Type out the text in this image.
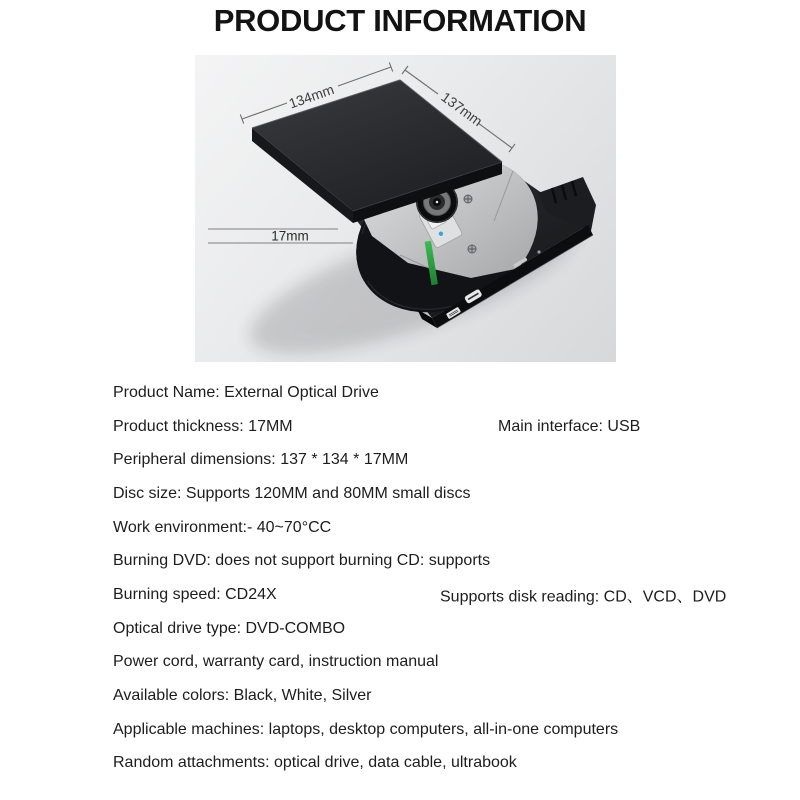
PRODUCT INFORMATION
134mm	137mm
17mm
Product Name: External Optical Drive
Product thickness: 17MM	Main interface: USB
Peripheral dimensions: 137 * 134 * 17MM
Disc size: Supports 120MM and 80MM small discs
Work environment:- 40~70°CC
Burning DVD: does not support burning CD: supports
Burning speed: CD24X	Supports disk reading: CD、VCD、DVD
Optical drive type: DVD-COMBO
Power cord, warranty card, instruction manual
Available colors: Black, White, Silver
Applicable machines: laptops, desktop computers, all-in-one computers
Random attachments: optical drive, data cable, ultrabook
